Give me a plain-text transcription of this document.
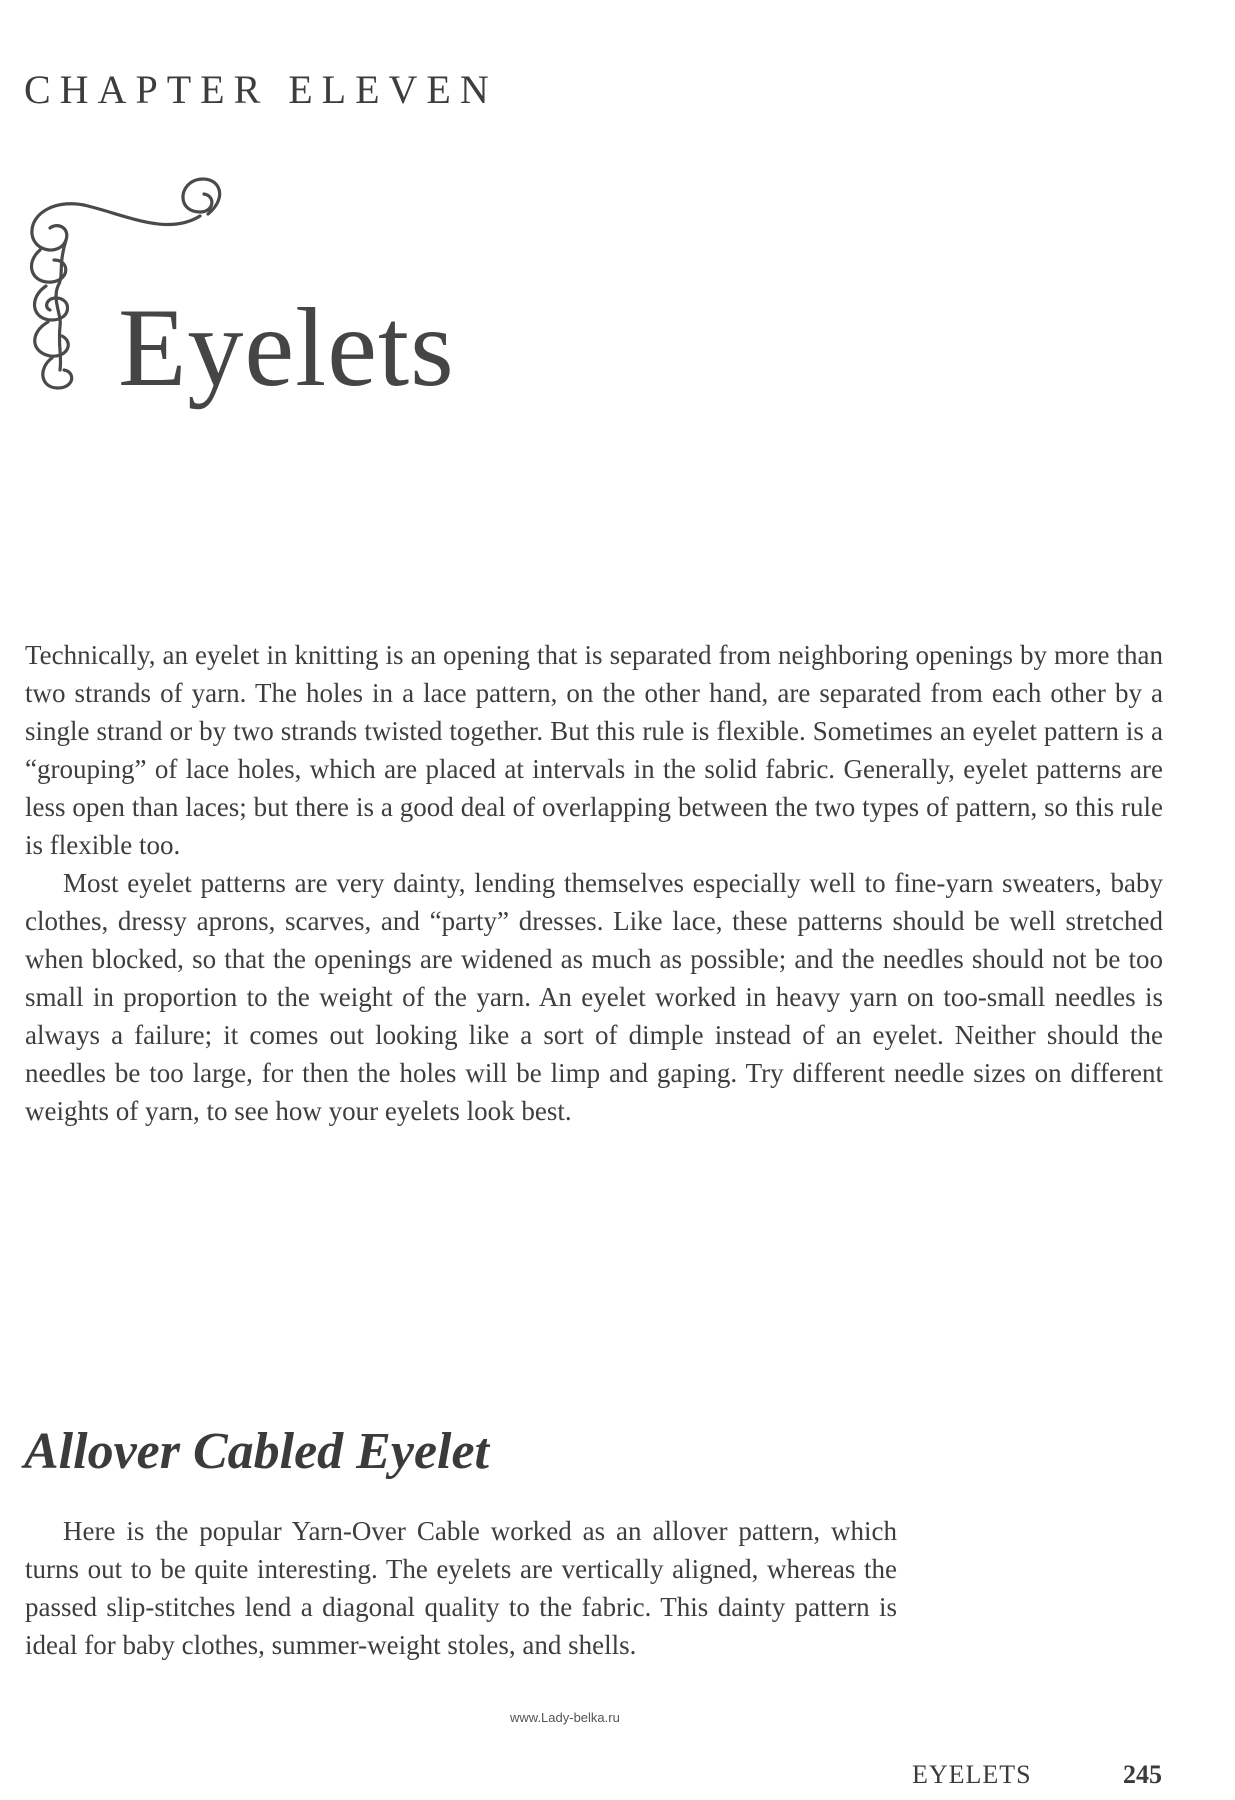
CHAPTER ELEVEN
Eyelets

Technically, an eyelet in knitting is an opening that is separated from neighboring openings by more than two strands of yarn. The holes in a lace pattern, on the other hand, are separated from each other by a single strand or by two strands twisted together. But this rule is flexible. Sometimes an eyelet pattern is a “grouping” of lace holes, which are placed at intervals in the solid fabric. Generally, eyelet patterns are less open than laces; but there is a good deal of overlapping between the two types of pattern, so this rule is flexible too.

Most eyelet patterns are very dainty, lending themselves especially well to fine-yarn sweaters, baby clothes, dressy aprons, scarves, and “party” dresses. Like lace, these patterns should be well stretched when blocked, so that the openings are widened as much as possible; and the needles should not be too small in proportion to the weight of the yarn. An eyelet worked in heavy yarn on too-small needles is always a failure; it comes out looking like a sort of dimple instead of an eyelet. Neither should the needles be too large, for then the holes will be limp and gaping. Try different needle sizes on different weights of yarn, to see how your eyelets look best.

Allover Cabled Eyelet

Here is the popular Yarn-Over Cable worked as an allover pattern, which turns out to be quite interesting. The eyelets are vertically aligned, whereas the passed slip-stitches lend a diagonal quality to the fabric. This dainty pattern is ideal for baby clothes, summer-weight stoles, and shells.

www.Lady-belka.ru
EYELETS	245
